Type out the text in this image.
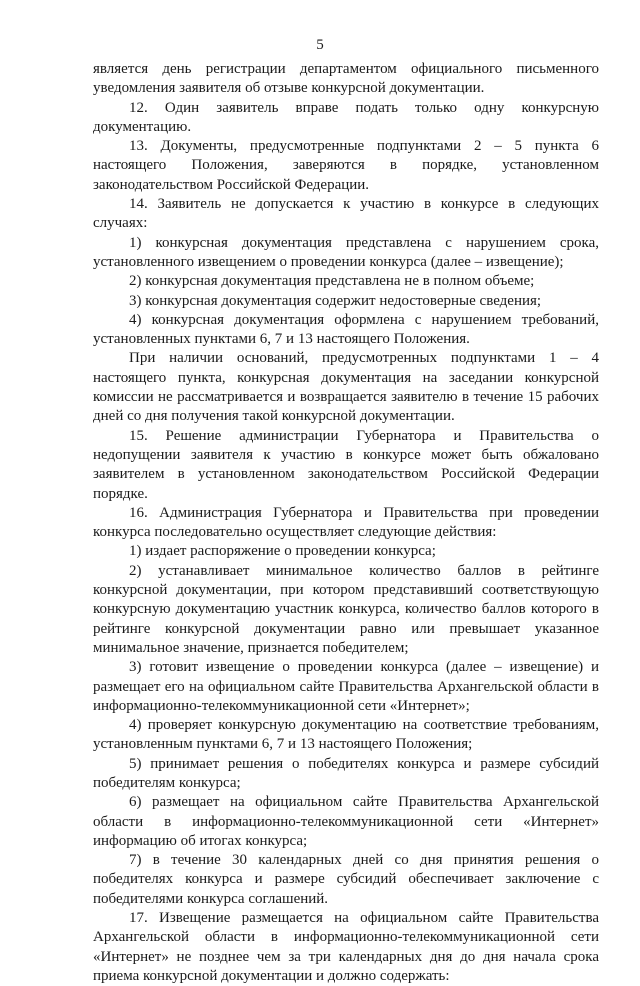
5

является день регистрации департаментом официального письменного уведомления заявителя об отзыве конкурсной документации.

12. Один заявитель вправе подать только одну конкурсную документацию.

13. Документы, предусмотренные подпунктами 2 – 5 пункта 6 настоящего Положения, заверяются в порядке, установленном законодательством Российской Федерации.

14. Заявитель не допускается к участию в конкурсе в следующих случаях:

1) конкурсная документация представлена с нарушением срока, установленного извещением о проведении конкурса (далее – извещение);

2) конкурсная документация представлена не в полном объеме;

3) конкурсная документация содержит недостоверные сведения;

4) конкурсная документация оформлена с нарушением требований, установленных пунктами 6, 7 и 13 настоящего Положения.

При наличии оснований, предусмотренных подпунктами 1 – 4 настоящего пункта, конкурсная документация на заседании конкурсной комиссии не рассматривается и возвращается заявителю в течение 15 рабочих дней со дня получения такой конкурсной документации.

15. Решение администрации Губернатора и Правительства о недопущении заявителя к участию в конкурсе может быть обжаловано заявителем в установленном законодательством Российской Федерации порядке.

16. Администрация Губернатора и Правительства при проведении конкурса последовательно осуществляет следующие действия:

1) издает распоряжение о проведении конкурса;

2) устанавливает минимальное количество баллов в рейтинге конкурсной документации, при котором представивший соответствующую конкурсную документацию участник конкурса, количество баллов которого в рейтинге конкурсной документации равно или превышает указанное минимальное значение, признается победителем;

3) готовит извещение о проведении конкурса (далее – извещение) и размещает его на официальном сайте Правительства Архангельской области в информационно-телекоммуникационной сети «Интернет»;

4) проверяет конкурсную документацию на соответствие требованиям, установленным пунктами 6, 7 и 13 настоящего Положения;

5) принимает решения о победителях конкурса и размере субсидий победителям конкурса;

6) размещает на официальном сайте Правительства Архангельской области в информационно-телекоммуникационной сети «Интернет» информацию об итогах конкурса;

7) в течение 30 календарных дней со дня принятия решения о победителях конкурса и размере субсидий обеспечивает заключение с победителями конкурса соглашений.

17. Извещение размещается на официальном сайте Правительства Архангельской области в информационно-телекоммуникационной сети «Интернет» не позднее чем за три календарных дня до дня начала срока приема конкурсной документации и должно содержать:
